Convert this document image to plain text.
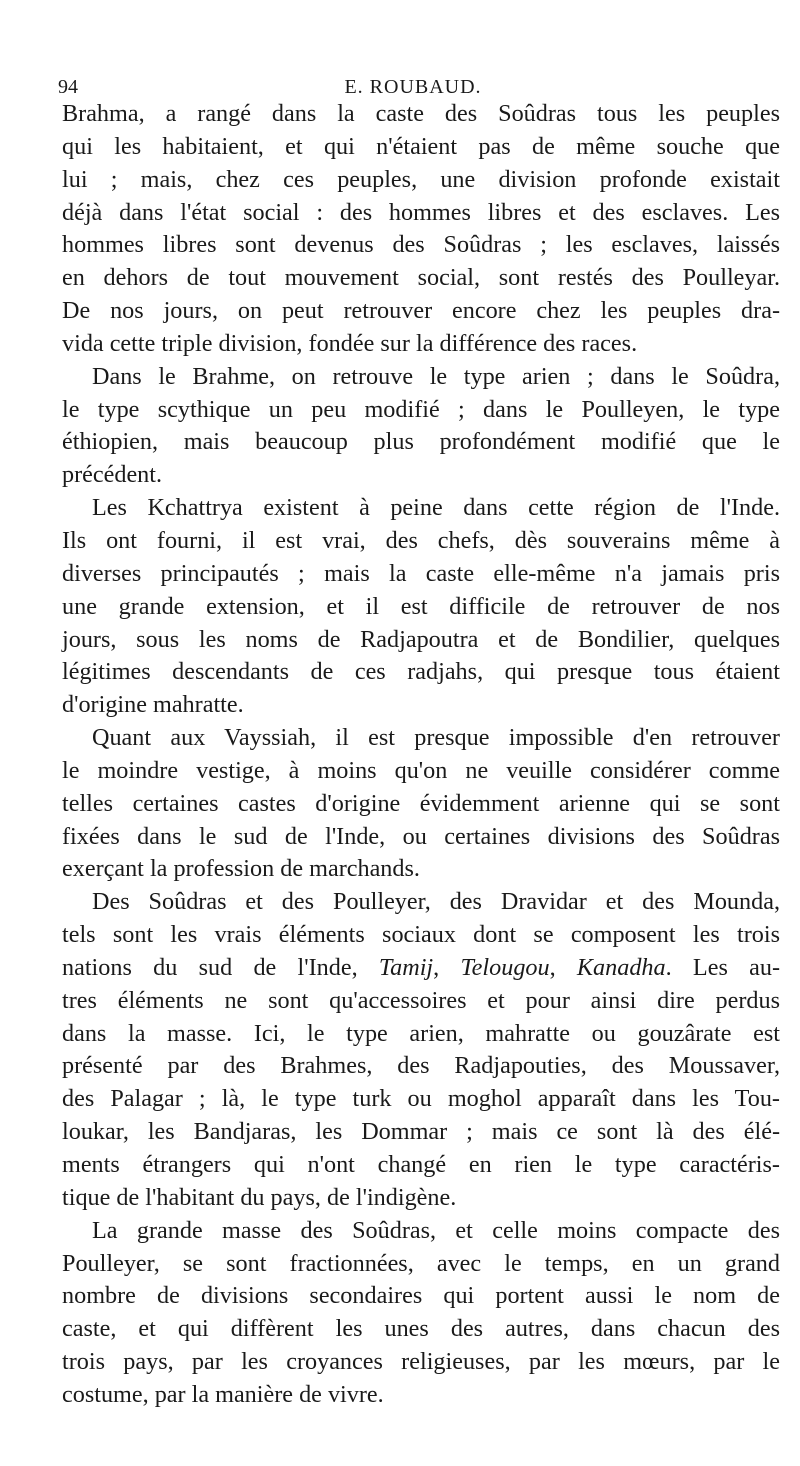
94	E. ROUBAUD.
Brahma, a rangé dans la caste des Soûdras tous les peuples
qui les habitaient, et qui n'étaient pas de même souche que
lui ; mais, chez ces peuples, une division profonde existait
déjà dans l'état social : des hommes libres et des esclaves. Les
hommes libres sont devenus des Soûdras ; les esclaves, laissés
en dehors de tout mouvement social, sont restés des Poulleyar.
De nos jours, on peut retrouver encore chez les peuples dra-
vida cette triple division, fondée sur la différence des races.
Dans le Brahme, on retrouve le type arien ; dans le Soûdra,
le type scythique un peu modifié ; dans le Poulleyen, le type
éthiopien, mais beaucoup plus profondément modifié que le
précédent.
Les Kchattrya existent à peine dans cette région de l'Inde.
Ils ont fourni, il est vrai, des chefs, dès souverains même à
diverses principautés ; mais la caste elle-même n'a jamais pris
une grande extension, et il est difficile de retrouver de nos
jours, sous les noms de Radjapoutra et de Bondilier, quelques
légitimes descendants de ces radjahs, qui presque tous étaient
d'origine mahratte.
Quant aux Vayssiah, il est presque impossible d'en retrouver
le moindre vestige, à moins qu'on ne veuille considérer comme
telles certaines castes d'origine évidemment arienne qui se sont
fixées dans le sud de l'Inde, ou certaines divisions des Soûdras
exerçant la profession de marchands.
Des Soûdras et des Poulleyer, des Dravidar et des Mounda,
tels sont les vrais éléments sociaux dont se composent les trois
nations du sud de l'Inde, Tamij, Telougou, Kanadha. Les au-
tres éléments ne sont qu'accessoires et pour ainsi dire perdus
dans la masse. Ici, le type arien, mahratte ou gouzârate est
présenté par des Brahmes, des Radjapouties, des Moussaver,
des Palagar ; là, le type turk ou moghol apparaît dans les Tou-
loukar, les Bandjaras, les Dommar ; mais ce sont là des élé-
ments étrangers qui n'ont changé en rien le type caractéris-
tique de l'habitant du pays, de l'indigène.
La grande masse des Soûdras, et celle moins compacte des
Poulleyer, se sont fractionnées, avec le temps, en un grand
nombre de divisions secondaires qui portent aussi le nom de
caste, et qui diffèrent les unes des autres, dans chacun des
trois pays, par les croyances religieuses, par les mœurs, par le
costume, par la manière de vivre.
